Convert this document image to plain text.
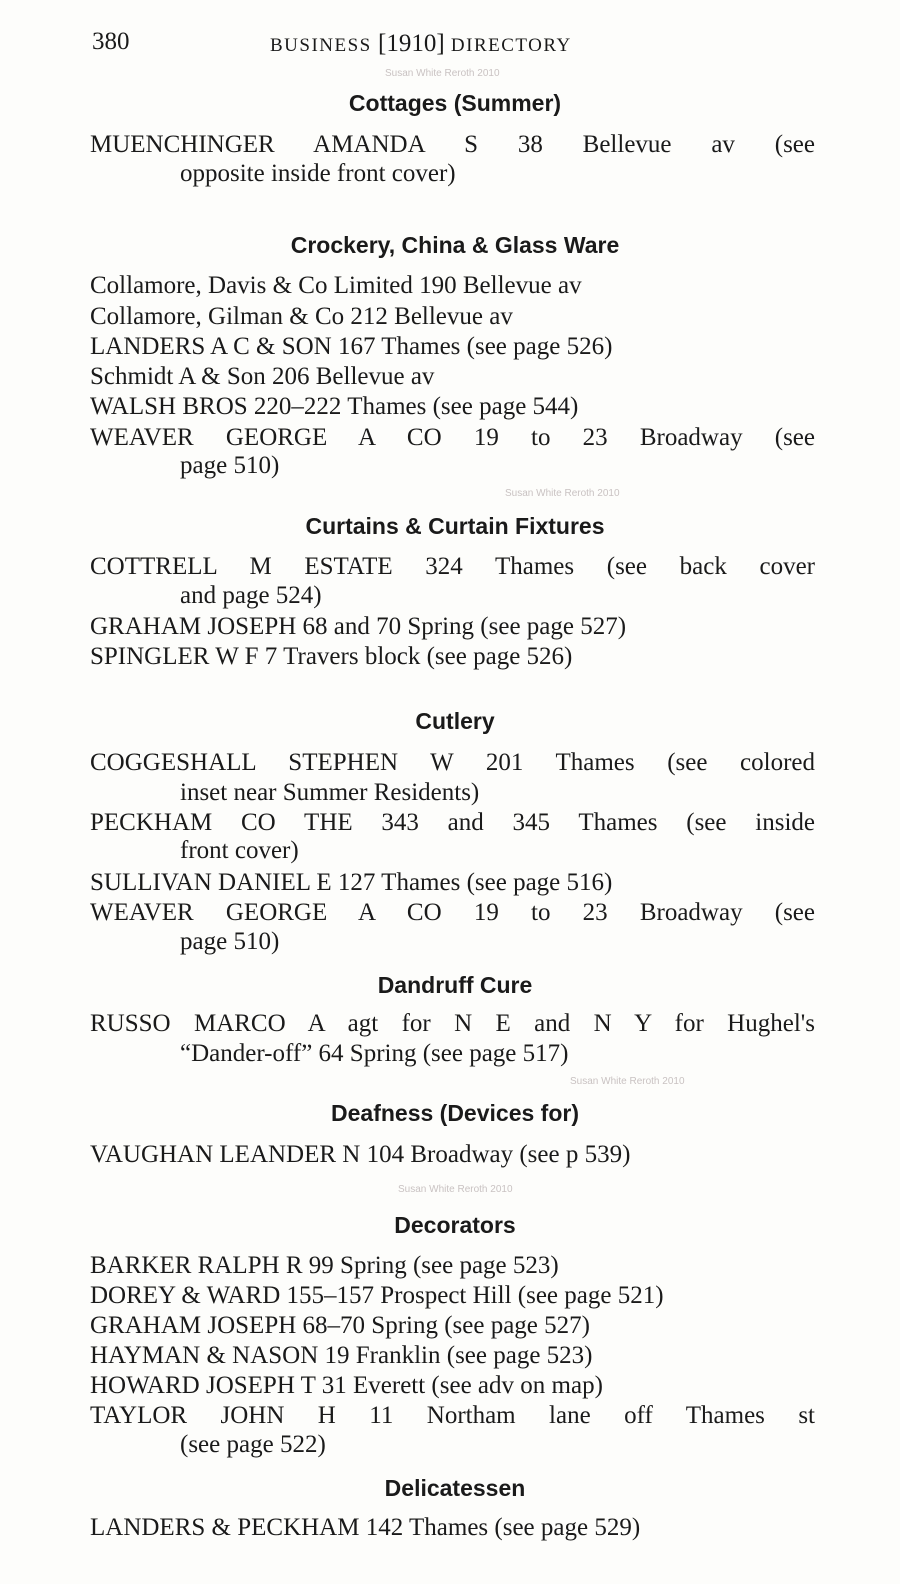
380	BUSINESS [1910] DIRECTORY
Susan White Reroth 2010
Susan White Reroth 2010
Susan White Reroth 2010
Susan White Reroth 2010
Cottages (Summer)
MUENCHINGER AMANDA S 38 Bellevue av (see
opposite inside front cover)
Crockery, China & Glass Ware
Collamore, Davis & Co Limited 190 Bellevue av
Collamore, Gilman & Co 212 Bellevue av
LANDERS A C & SON 167 Thames (see page 526)
Schmidt A & Son 206 Bellevue av
WALSH BROS 220–222 Thames (see page 544)
WEAVER GEORGE A CO 19 to 23 Broadway (see
page 510)
Curtains & Curtain Fixtures
COTTRELL M ESTATE 324 Thames (see back cover
and page 524)
GRAHAM JOSEPH 68 and 70 Spring (see page 527)
SPINGLER W F 7 Travers block (see page 526)
Cutlery
COGGESHALL STEPHEN W 201 Thames (see colored
inset near Summer Residents)
PECKHAM CO THE 343 and 345 Thames (see inside
front cover)
SULLIVAN DANIEL E 127 Thames (see page 516)
WEAVER GEORGE A CO 19 to 23 Broadway (see
page 510)
Dandruff Cure
RUSSO MARCO A agt for N E and N Y for Hughel's
“Dander-off” 64 Spring (see page 517)
Deafness (Devices for)
VAUGHAN LEANDER N 104 Broadway (see p 539)
Decorators
BARKER RALPH R 99 Spring (see page 523)
DOREY & WARD 155–157 Prospect Hill (see page 521)
GRAHAM JOSEPH 68–70 Spring (see page 527)
HAYMAN & NASON 19 Franklin (see page 523)
HOWARD JOSEPH T 31 Everett (see adv on map)
TAYLOR JOHN H 11 Northam lane off Thames st
(see page 522)
Delicatessen
LANDERS & PECKHAM 142 Thames (see page 529)
